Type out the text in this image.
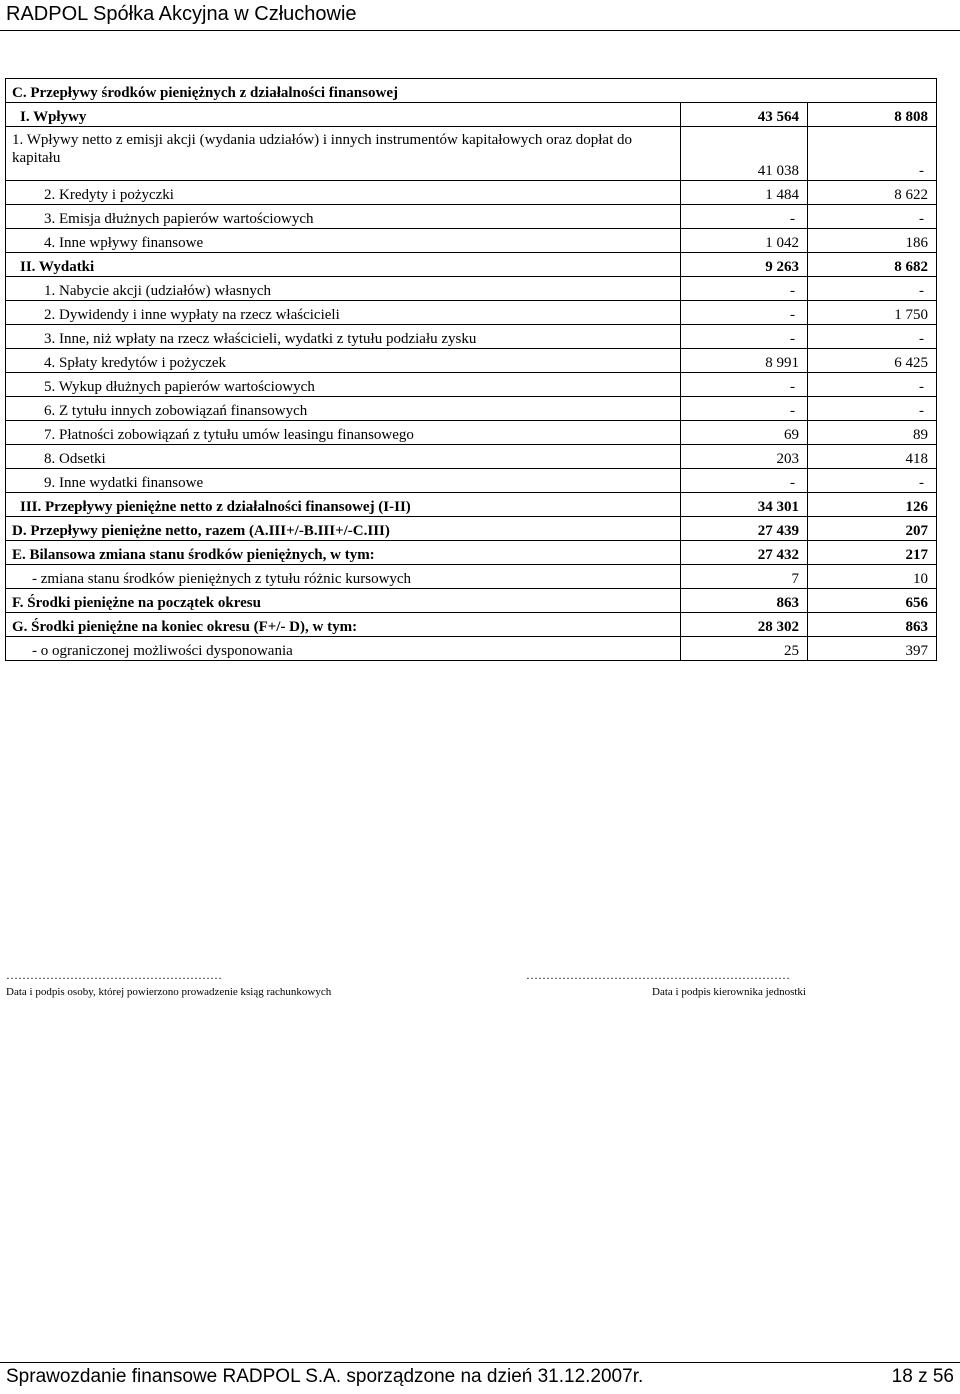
RADPOL Spółka Akcyjna w Człuchowie
C. Przepływy środków pieniężnych z działalności finansowej		
I. Wpływy	43 564	8 808
1. Wpływy netto z emisji akcji (wydania udziałów) i innych instrumentów kapitałowych oraz dopłat do kapitału	41 038	-
2. Kredyty i pożyczki	1 484	8 622
3. Emisja dłużnych papierów wartościowych	-	-
4. Inne wpływy finansowe	1 042	186
II. Wydatki	9 263	8 682
1. Nabycie akcji (udziałów) własnych	-	-
2. Dywidendy i inne wypłaty na rzecz właścicieli	-	1 750
3. Inne, niż wpłaty na rzecz właścicieli, wydatki z tytułu podziału zysku	-	-
4. Spłaty kredytów i pożyczek	8 991	6 425
5. Wykup dłużnych papierów wartościowych	-	-
6. Z tytułu innych zobowiązań finansowych	-	-
7. Płatności zobowiązań z tytułu umów leasingu finansowego	69	89
8. Odsetki	203	418
9. Inne wydatki finansowe	-	-
III. Przepływy pieniężne netto z działalności finansowej (I-II)	34 301	126
D. Przepływy pieniężne netto, razem (A.III+/-B.III+/-C.III)	27 439	207
E. Bilansowa zmiana stanu środków pieniężnych, w tym:	27 432	217
- zmiana stanu środków pieniężnych z tytułu różnic kursowych	7	10
F. Środki pieniężne na początek okresu	863	656
G. Środki pieniężne na koniec okresu (F+/- D), w tym:	28 302	863
- o ograniczonej możliwości dysponowania	25	397
………………………………………………
Data i podpis osoby, której powierzono prowadzenie ksiąg rachunkowych
…………………………………………………………
Data i podpis kierownika jednostki
Sprawozdanie finansowe RADPOL S.A. sporządzone na dzień 31.12.2007r.	18 z 56
